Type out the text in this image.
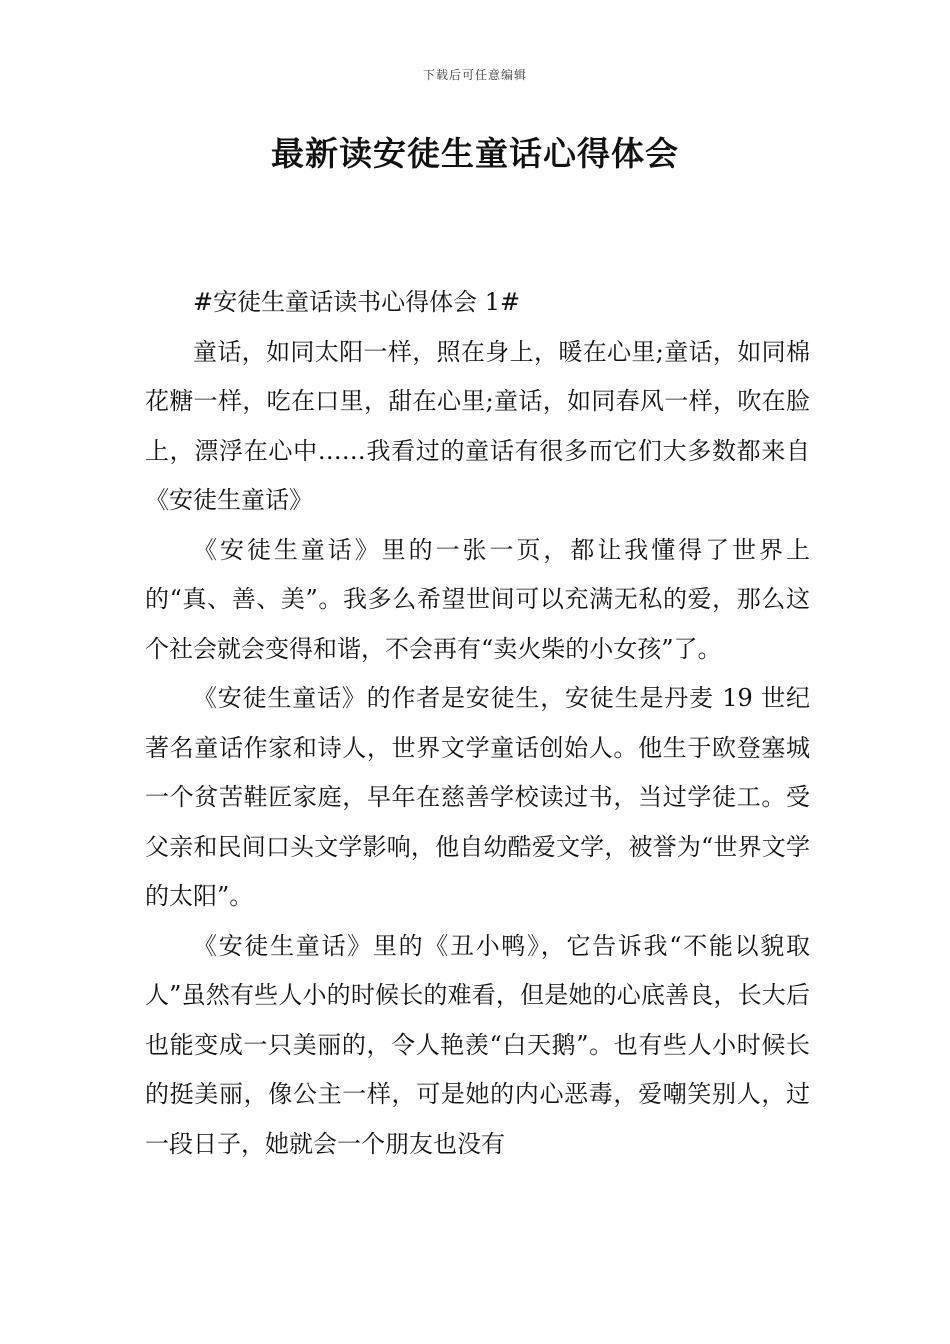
下载后可任意编辑
最新读安徒生童话心得体会

#安徒生童话读书心得体会 1#

童话，如同太阳一样，照在身上，暖在心里;童话，如同棉花糖一样，吃在口里，甜在心里;童话，如同春风一样，吹在脸上，漂浮在心中……我看过的童话有很多而它们大多数都来自《安徒生童话》

《安徒生童话》里的一张一页，都让我懂得了世界上的“真、善、美”。我多么希望世间可以充满无私的爱，那么这个社会就会变得和谐，不会再有“卖火柴的小女孩”了。

《安徒生童话》的作者是安徒生，安徒生是丹麦 19 世纪著名童话作家和诗人，世界文学童话创始人。他生于欧登塞城一个贫苦鞋匠家庭，早年在慈善学校读过书，当过学徒工。受父亲和民间口头文学影响，他自幼酷爱文学，被誉为“世界文学的太阳”。

《安徒生童话》里的《丑小鸭》，它告诉我“不能以貌取人”虽然有些人小的时候长的难看，但是她的心底善良，长大后也能变成一只美丽的，令人艳羡“白天鹅”。也有些人小时候长的挺美丽，像公主一样，可是她的内心恶毒，爱嘲笑别人，过一段日子，她就会一个朋友也没有
